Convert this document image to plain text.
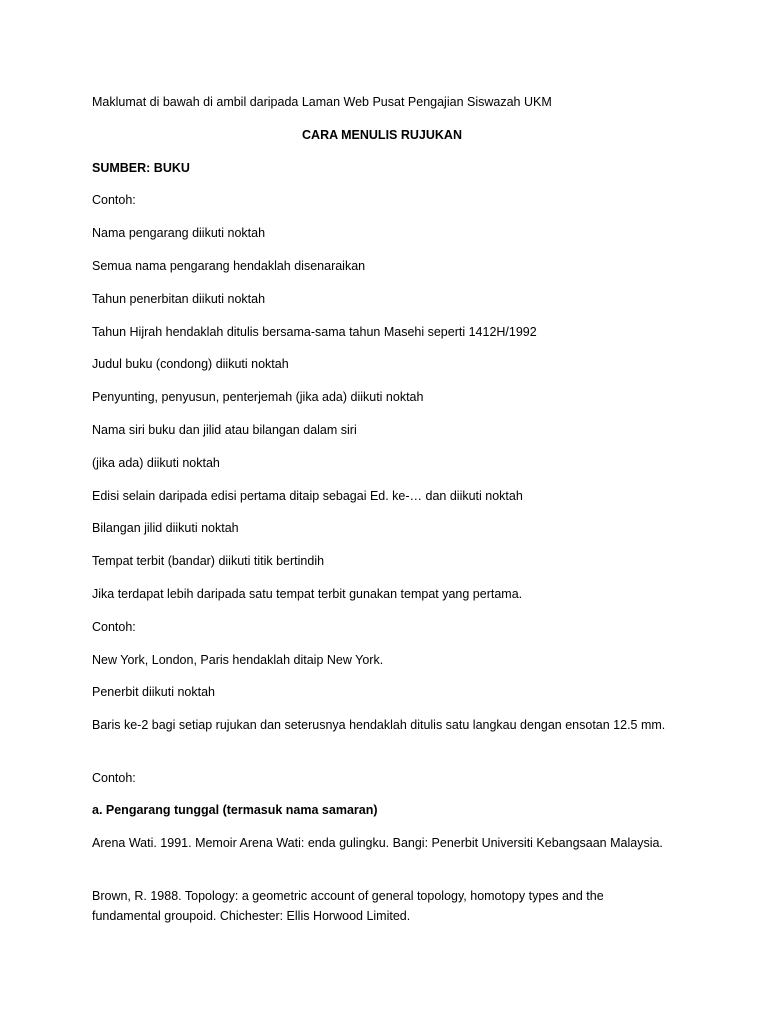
Maklumat di bawah di ambil daripada Laman Web Pusat Pengajian Siswazah UKM
CARA MENULIS RUJUKAN
SUMBER: BUKU
Contoh:
Nama pengarang diikuti noktah
Semua nama pengarang hendaklah disenaraikan
Tahun penerbitan diikuti noktah
Tahun Hijrah hendaklah ditulis bersama-sama tahun Masehi seperti 1412H/1992
Judul buku (condong) diikuti noktah
Penyunting, penyusun, penterjemah (jika ada) diikuti noktah
Nama siri buku dan jilid atau bilangan dalam siri
(jika ada) diikuti noktah
Edisi selain daripada edisi pertama ditaip sebagai Ed. ke-… dan diikuti noktah
Bilangan jilid diikuti noktah
Tempat terbit (bandar) diikuti titik bertindih
Jika terdapat lebih daripada satu tempat terbit gunakan tempat yang pertama.
Contoh:
New York, London, Paris hendaklah ditaip New York.
Penerbit diikuti noktah
Baris ke-2 bagi setiap rujukan dan seterusnya hendaklah ditulis satu langkau dengan ensotan 12.5 mm.
Contoh:
a. Pengarang tunggal (termasuk nama samaran)
Arena Wati. 1991. Memoir Arena Wati: enda gulingku. Bangi: Penerbit Universiti Kebangsaan Malaysia.
Brown, R. 1988. Topology: a geometric account of general topology, homotopy types and the fundamental groupoid. Chichester: Ellis Horwood Limited.
